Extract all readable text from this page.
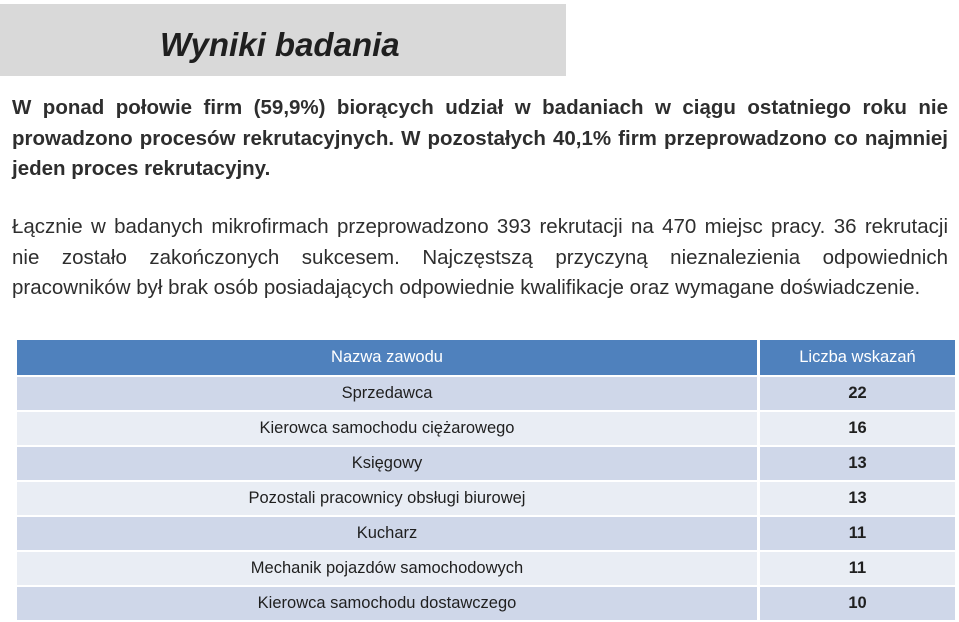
Wyniki badania
W ponad połowie firm (59,9%) biorących udział w badaniach w ciągu ostatniego roku nie prowadzono procesów rekrutacyjnych. W pozostałych 40,1% firm przeprowadzono co najmniej jeden proces rekrutacyjny.
Łącznie w badanych mikrofirmach przeprowadzono 393 rekrutacji na 470 miejsc pracy. 36 rekrutacji nie zostało zakończonych sukcesem. Najczęstszą przyczyną nieznalezienia odpowiednich pracowników był brak osób posiadających odpowiednie kwalifikacje oraz wymagane doświadczenie.
Nazwa zawodu	Liczba wskazań
Sprzedawca	22
Kierowca samochodu ciężarowego	16
Księgowy	13
Pozostali pracownicy obsługi biurowej	13
Kucharz	11
Mechanik pojazdów samochodowych	11
Kierowca samochodu dostawczego	10
